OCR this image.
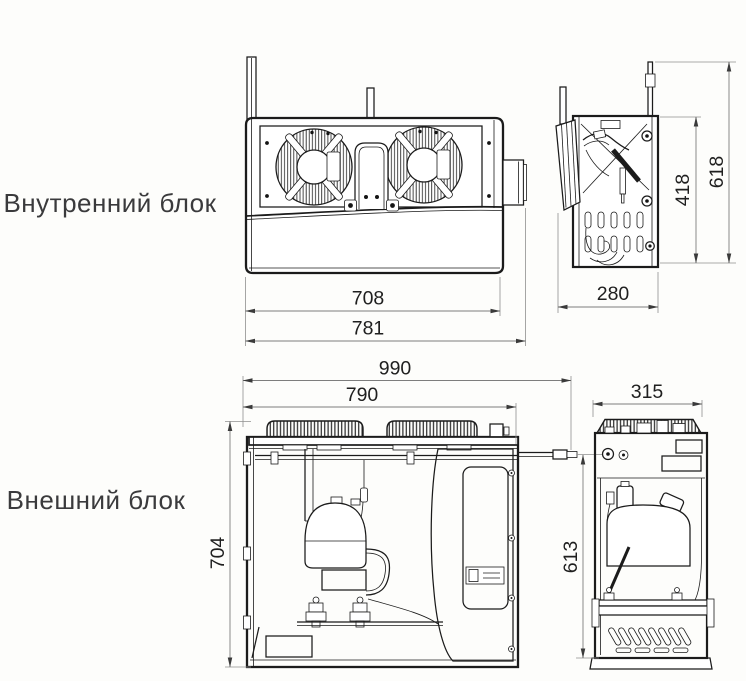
Внутренний блок
708
781
280
418
618
Внешний блок
990
790
704
315
613
